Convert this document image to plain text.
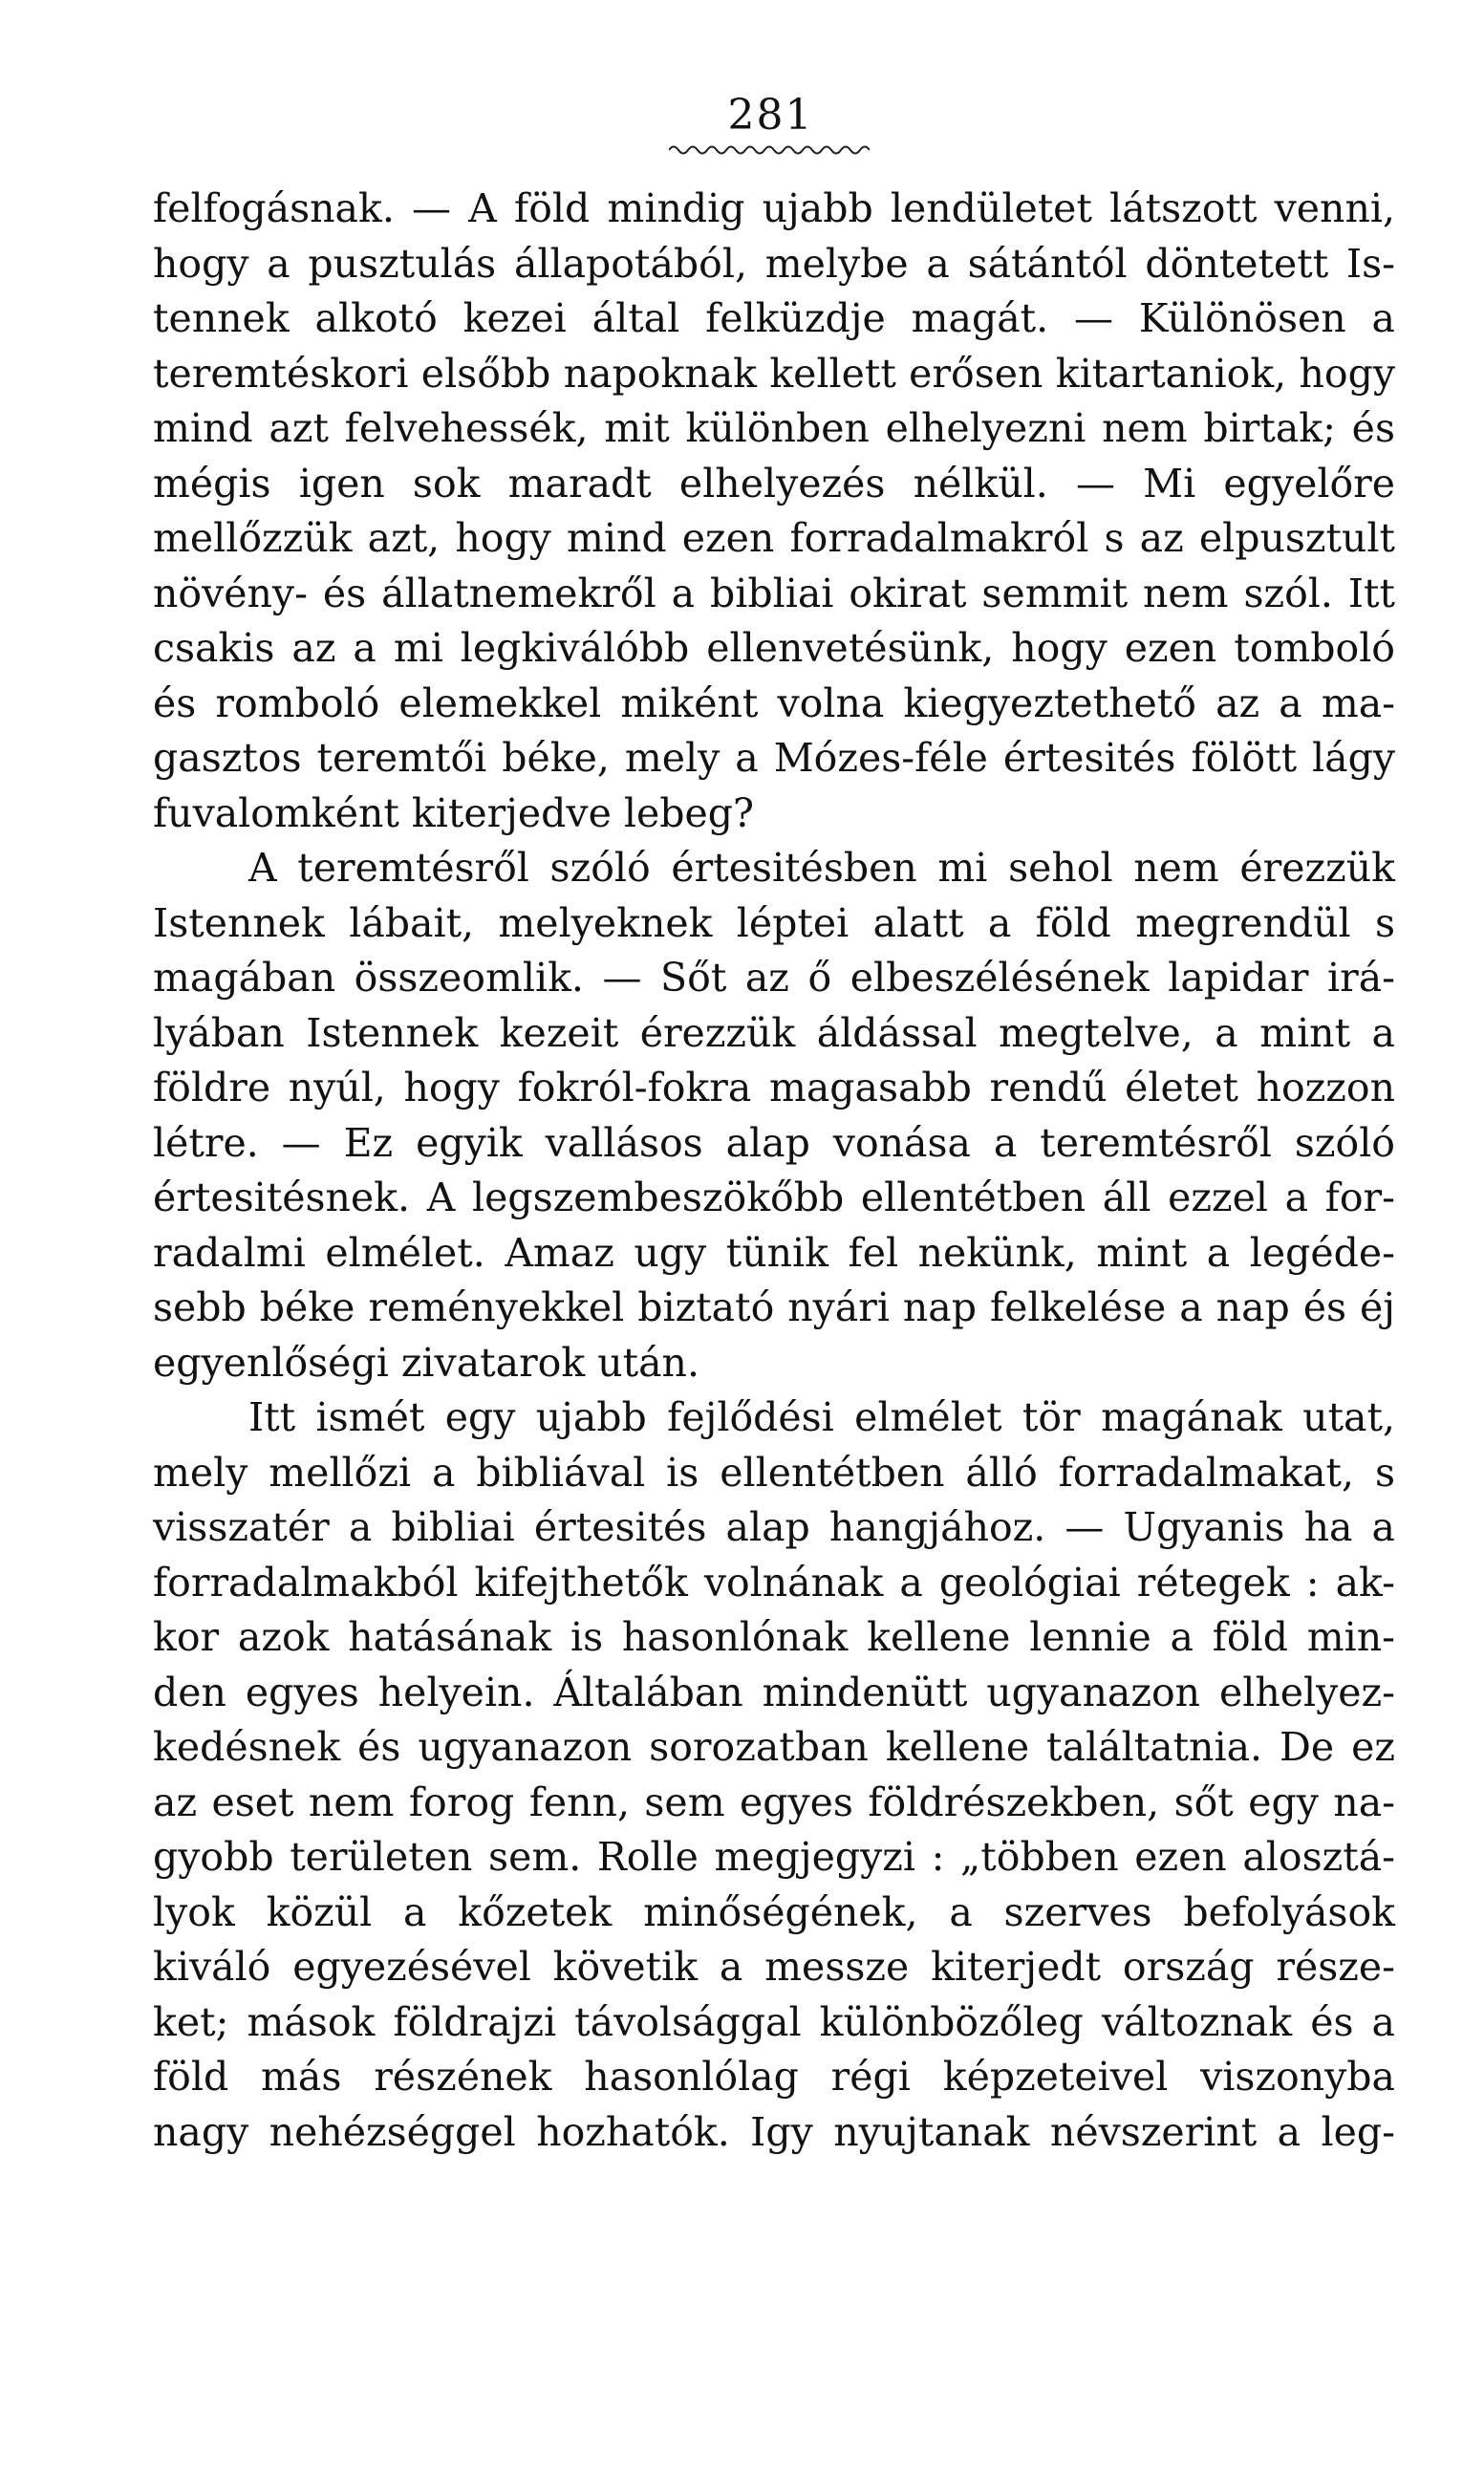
281
felfogásnak. — A föld mindig ujabb lendületet látszott venni,
hogy a pusztulás állapotából, melybe a sátántól döntetett Is-
tennek alkotó kezei által felküzdje magát. — Különösen a
teremtéskori elsőbb napoknak kellett erősen kitartaniok, hogy
mind azt felvehessék, mit különben elhelyezni nem birtak; és
mégis igen sok maradt elhelyezés nélkül. — Mi egyelőre
mellőzzük azt, hogy mind ezen forradalmakról s az elpusztult
növény- és állatnemekről a bibliai okirat semmit nem szól. Itt
csakis az a mi legkiválóbb ellenvetésünk, hogy ezen tomboló
és romboló elemekkel miként volna kiegyeztethető az a ma-
gasztos teremtői béke, mely a Mózes-féle értesités fölött lágy
fuvalomként kiterjedve lebeg?
A teremtésről szóló értesitésben mi sehol nem érezzük
Istennek lábait, melyeknek léptei alatt a föld megrendül s
magában összeomlik. — Sőt az ő elbeszélésének lapidar irá-
lyában Istennek kezeit érezzük áldással megtelve, a mint a
földre nyúl, hogy fokról-fokra magasabb rendű életet hozzon
létre. — Ez egyik vallásos alap vonása a teremtésről szóló
értesitésnek. A legszembeszökőbb ellentétben áll ezzel a for-
radalmi elmélet. Amaz ugy tünik fel nekünk, mint a legédе-
sebb béke reményekkel biztató nyári nap felkelése a nap és éj
egyenlőségi zivatarok után.
Itt ismét egy ujabb fejlődési elmélet tör magának utat,
mely mellőzi a bibliával is ellentétben álló forradalmakat, s
visszatér a bibliai értesités alap hangjához. — Ugyanis ha a
forradalmakból kifejthetők volnának a geológiai rétegek : ak-
kor azok hatásának is hasonlónak kellene lennie a föld min-
den egyes helyein. Általában mindenütt ugyanazon elhelyez-
kedésnek és ugyanazon sorozatban kellene találtatnia. De ez
az eset nem forog fenn, sem egyes földrészekben, sőt egy na-
gyobb területen sem. Rolle megjegyzi : „többen ezen alosztá-
lyok közül a kőzetek minőségének, a szerves befolyások
kiváló egyezésével követik a messze kiterjedt ország része-
ket; mások földrajzi távolsággal különbözőleg változnak és a
föld más részének hasonlólag régi képzeteivel viszonyba
nagy nehézséggel hozhatók. Igy nyujtanak névszerint a leg-
